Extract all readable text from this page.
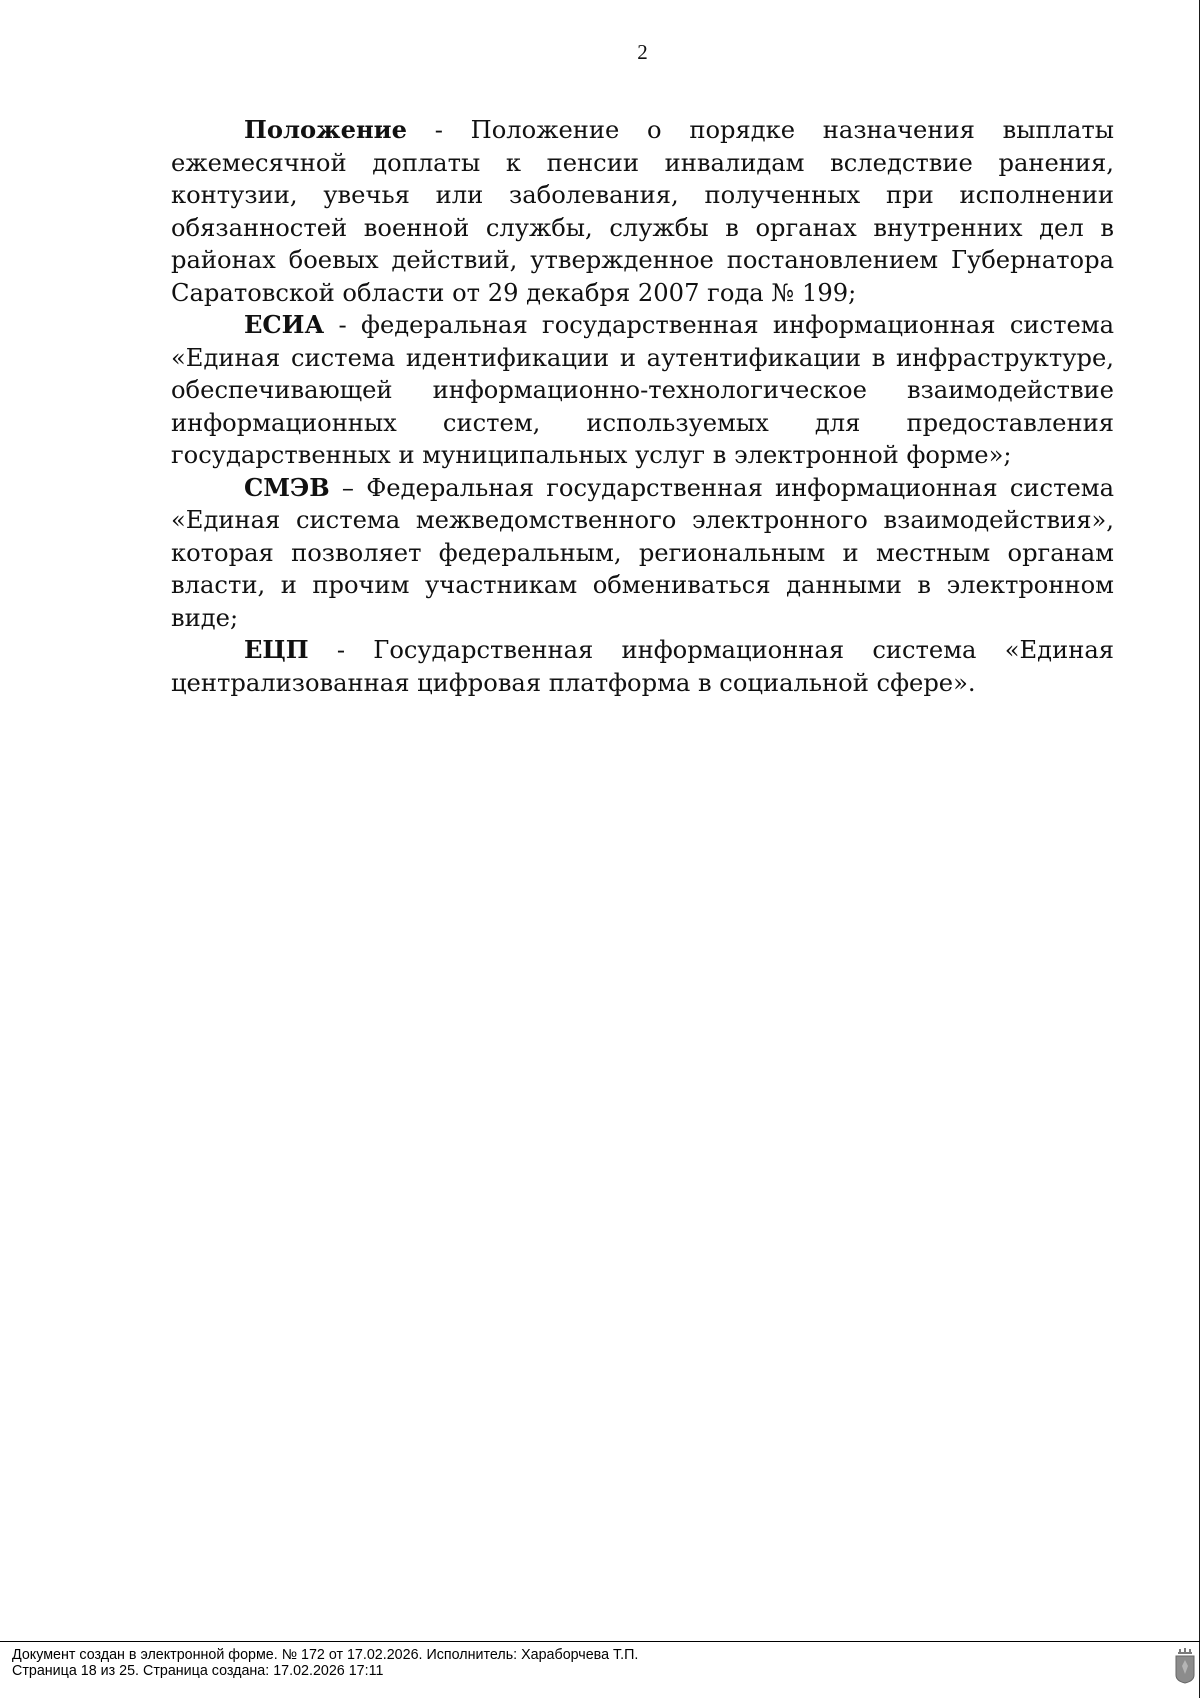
2

Положение - Положение о порядке назначения выплаты ежемесячной доплаты к пенсии инвалидам вследствие ранения, контузии, увечья или заболевания, полученных при исполнении обязанностей военной службы, службы в органах внутренних дел в районах боевых действий, утвержденное постановлением Губернатора Саратовской области от 29 декабря 2007 года № 199;

ЕСИА - федеральная государственная информационная система «Единая система идентификации и аутентификации в инфраструктуре, обеспечивающей информационно-технологическое взаимодействие информационных систем, используемых для предоставления государственных и муниципальных услуг в электронной форме»;

СМЭВ – Федеральная государственная информационная система «Единая система межведомственного электронного взаимодействия», которая позволяет федеральным, региональным и местным органам власти, и прочим участникам обмениваться данными в электронном виде;

ЕЦП - Государственная информационная система «Единая централизованная цифровая платформа в социальной сфере».

Документ создан в электронной форме. № 172 от 17.02.2026. Исполнитель: Хараборчева Т.П.
Страница 18 из 25. Страница создана: 17.02.2026 17:11
